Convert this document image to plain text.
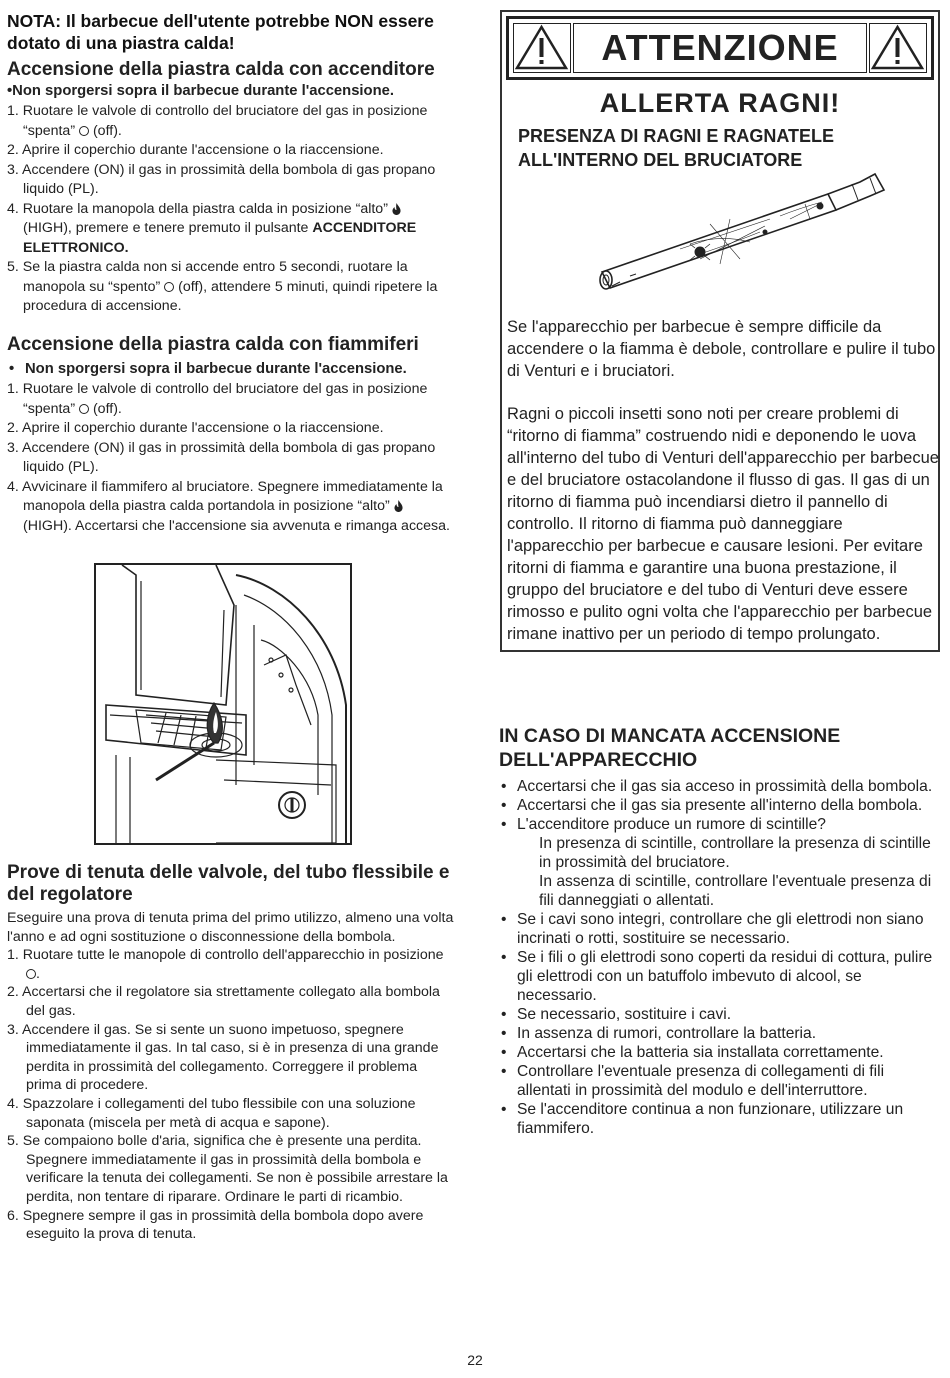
NOTA: Il barbecue dell'utente potrebbe NON essere dotato di una piastra calda!
Accensione della piastra calda con accenditore
•Non sporgersi sopra il barbecue durante l'accensione.
1. Ruotare le valvole di controllo del bruciatore del gas in posizione
“spenta” (off).
2. Aprire il coperchio durante l'accensione o la riaccensione.
3. Accendere (ON) il gas in prossimità della bombola di gas propano liquido (PL).
4. Ruotare la manopola della piastra calda in posizione “alto”  (HIGH), premere e tenere premuto il pulsante ACCENDITORE ELETTRONICO.
5. Se la piastra calda non si accende entro 5 secondi, ruotare la manopola su “spento” (off), attendere 5 minuti, quindi ripetere la procedura di accensione.
Accensione della piastra calda con fiammiferi
• Non sporgersi sopra il barbecue durante l'accensione.
1. Ruotare le valvole di controllo del bruciatore del gas in posizione
“spenta” (off).
2. Aprire il coperchio durante l'accensione o la riaccensione.
3. Accendere (ON) il gas in prossimità della bombola di gas propano liquido (PL).
4. Avvicinare il fiammifero al bruciatore. Spegnere immediatamente la manopola della piastra calda portandola in posizione “alto”  (HIGH). Accertarsi che l'accensione sia avvenuta e rimanga accesa.
Prove di tenuta delle valvole, del tubo flessibile e del regolatore
Eseguire una prova di tenuta prima del primo utilizzo, almeno una volta l'anno e ad ogni sostituzione o disconnessione della bombola.
1. Ruotare tutte le manopole di controllo dell'apparecchio in posizione .
2. Accertarsi che il regolatore sia strettamente collegato alla bombola del gas.
3. Accendere il gas. Se si sente un suono impetuoso, spegnere immediatamente il gas. In tal caso, si è in presenza di una grande perdita in prossimità del collegamento. Correggere il problema prima di procedere.
4. Spazzolare i collegamenti del tubo flessibile con una soluzione saponata (miscela per metà di acqua e sapone).
5. Se compaiono bolle d'aria, significa che è presente una perdita. Spegnere immediatamente il gas in prossimità della bombola e verificare la tenuta dei collegamenti. Se non è possibile arrestare la perdita, non tentare di riparare. Ordinare le parti di ricambio.
6. Spegnere sempre il gas in prossimità della bombola dopo avere eseguito la prova di tenuta.
ATTENZIONE
ALLERTA RAGNI!
PRESENZA DI RAGNI E RAGNATELE
ALL'INTERNO DEL BRUCIATORE
Se l'apparecchio per barbecue è sempre difficile da accendere o la fiamma è debole, controllare e pulire il tubo di Venturi e i bruciatori.
Ragni o piccoli insetti sono noti per creare problemi di “ritorno di fiamma” costruendo nidi e deponendo le uova all'interno del tubo di Venturi dell'apparecchio per barbecue e del bruciatore ostacolandone il flusso di gas. Il gas di un ritorno di fiamma può incendiarsi dietro il pannello di controllo. Il ritorno di fiamma può danneggiare l'apparecchio per barbecue e causare lesioni. Per evitare ritorni di fiamma e garantire una buona prestazione, il gruppo del bruciatore e del tubo di Venturi deve essere rimosso e pulito ogni volta che l'apparecchio per barbecue rimane inattivo per un periodo di tempo prolungato.
IN CASO DI MANCATA ACCENSIONE DELL'APPARECCHIO
• Accertarsi che il gas sia acceso in prossimità della bombola.
• Accertarsi che il gas sia presente all'interno della bombola.
• L'accenditore produce un rumore di scintille?
In presenza di scintille, controllare la presenza di scintille in prossimità del bruciatore.
In assenza di scintille, controllare l'eventuale presenza di fili danneggiati o allentati.
• Se i cavi sono integri, controllare che gli elettrodi non siano incrinati o rotti, sostituire se necessario.
• Se i fili o gli elettrodi sono coperti da residui di cottura, pulire gli elettrodi con un batuffolo imbevuto di alcool, se necessario.
• Se necessario, sostituire i cavi.
• In assenza di rumori, controllare la batteria.
• Accertarsi che la batteria sia installata correttamente.
• Controllare l'eventuale presenza di collegamenti di fili allentati in prossimità del modulo e dell'interruttore.
• Se l'accenditore continua a non funzionare, utilizzare un fiammifero.
22
